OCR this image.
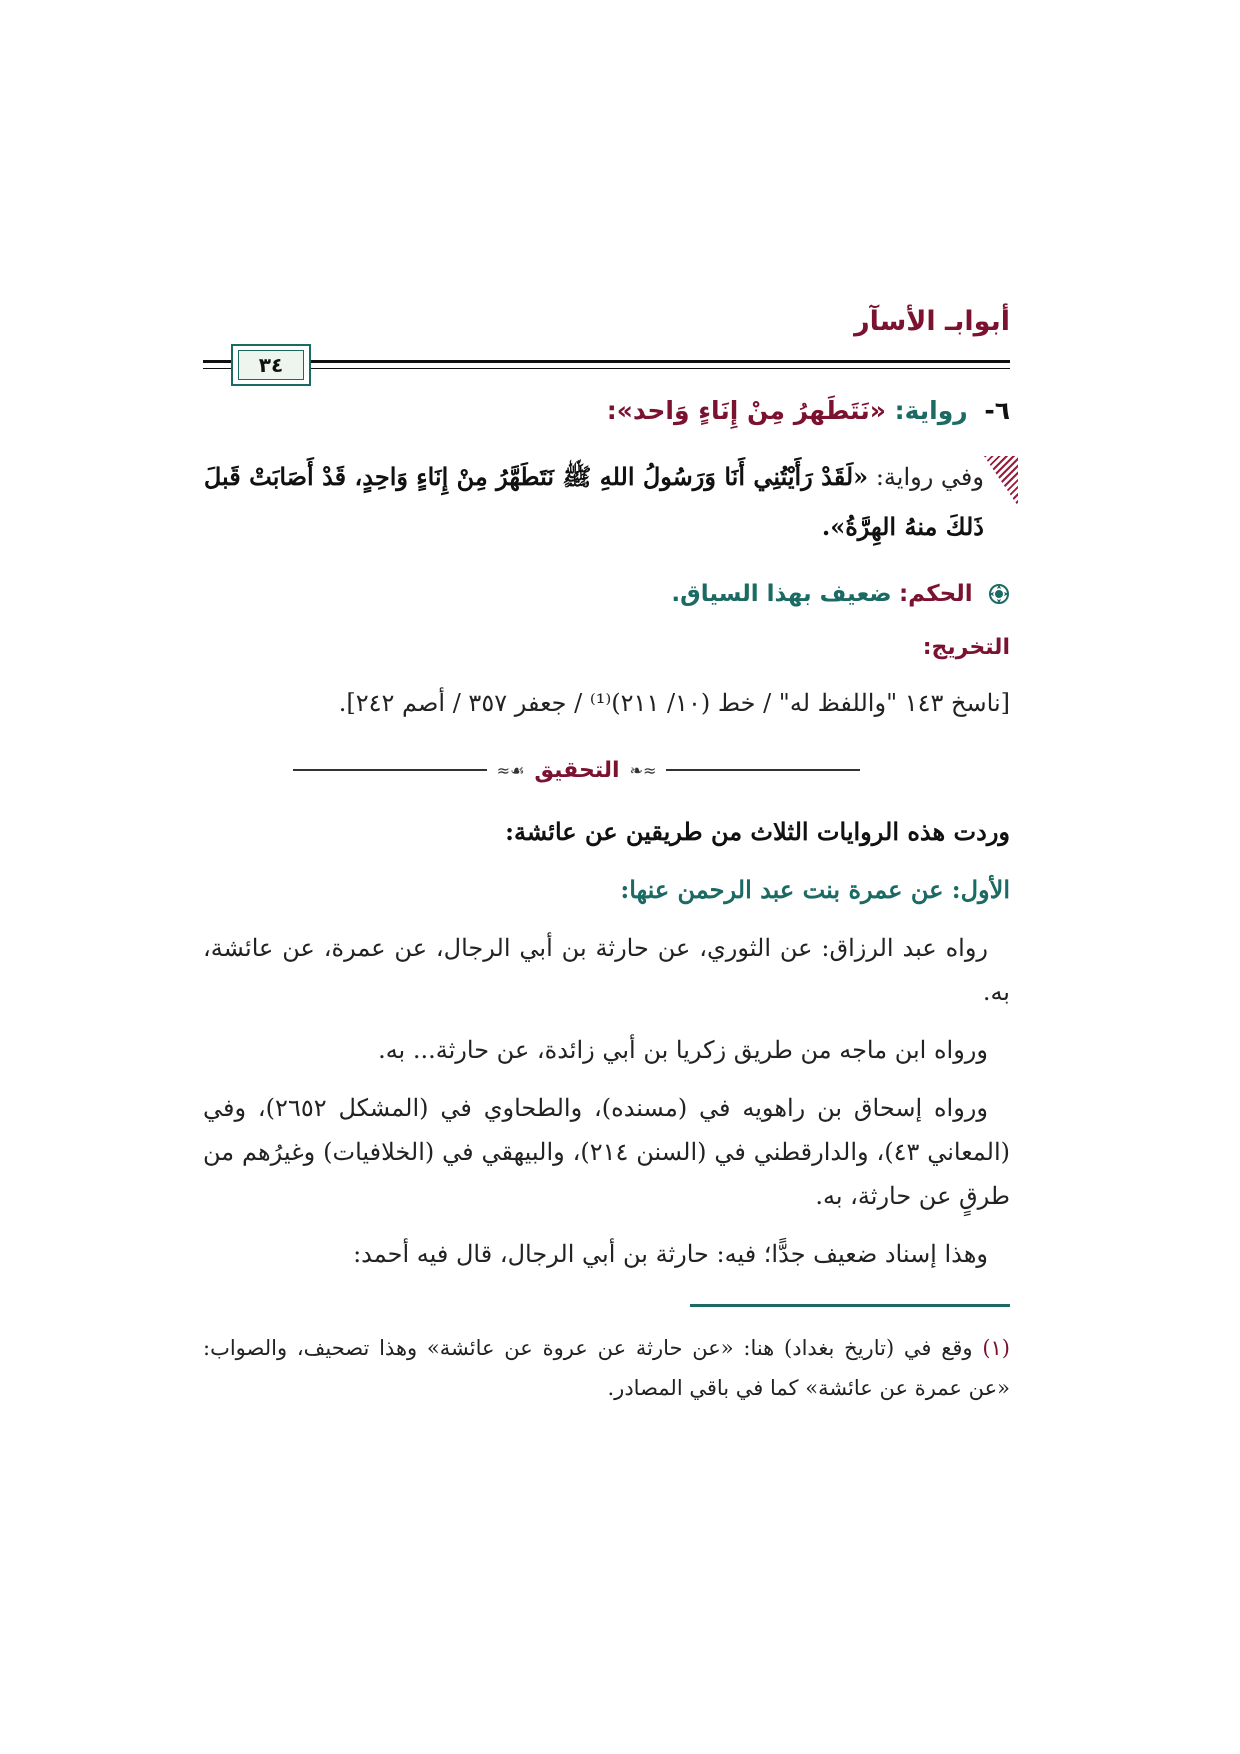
أبوابـ الأسآر
٣٤
٦- رواية: «نَتَطَهرُ مِنْ إِنَاءٍ وَاحد»:
وفي رواية: «لَقَدْ رَأَيْتُنِي أَنَا وَرَسُولُ اللهِ ﷺ نَتَطَهَّرُ مِنْ إِنَاءٍ وَاحِدٍ، قَدْ أَصَابَتْ قَبلَ ذَلكَ منهُ الهِرَّةُ».
الحكم: ضعيف بهذا السياق.
التخريج:
[ناسخ ١٤٣ "واللفظ له" / خط (١٠/ ٢١١)⁽¹⁾ / جعفر ٣٥٧ / أصم ٢٤٢].
≈❧
التحقيق
☙≈
وردت هذه الروايات الثلاث من طريقين عن عائشة:
الأول: عن عمرة بنت عبد الرحمن عنها:
رواه عبد الرزاق: عن الثوري، عن حارثة بن أبي الرجال، عن عمرة، عن عائشة، به.
ورواه ابن ماجه من طريق زكريا بن أبي زائدة، عن حارثة... به.
ورواه إسحاق بن راهويه في (مسنده)، والطحاوي في (المشكل ٢٦٥٢)، وفي (المعاني ٤٣)، والدارقطني في (السنن ٢١٤)، والبيهقي في (الخلافيات) وغيرُهم من طرقٍ عن حارثة، به.
وهذا إسناد ضعيف جدًّا؛ فيه: حارثة بن أبي الرجال، قال فيه أحمد:
(١) وقع في (تاريخ بغداد) هنا: «عن حارثة عن عروة عن عائشة» وهذا تصحيف، والصواب: «عن عمرة عن عائشة» كما في باقي المصادر.
